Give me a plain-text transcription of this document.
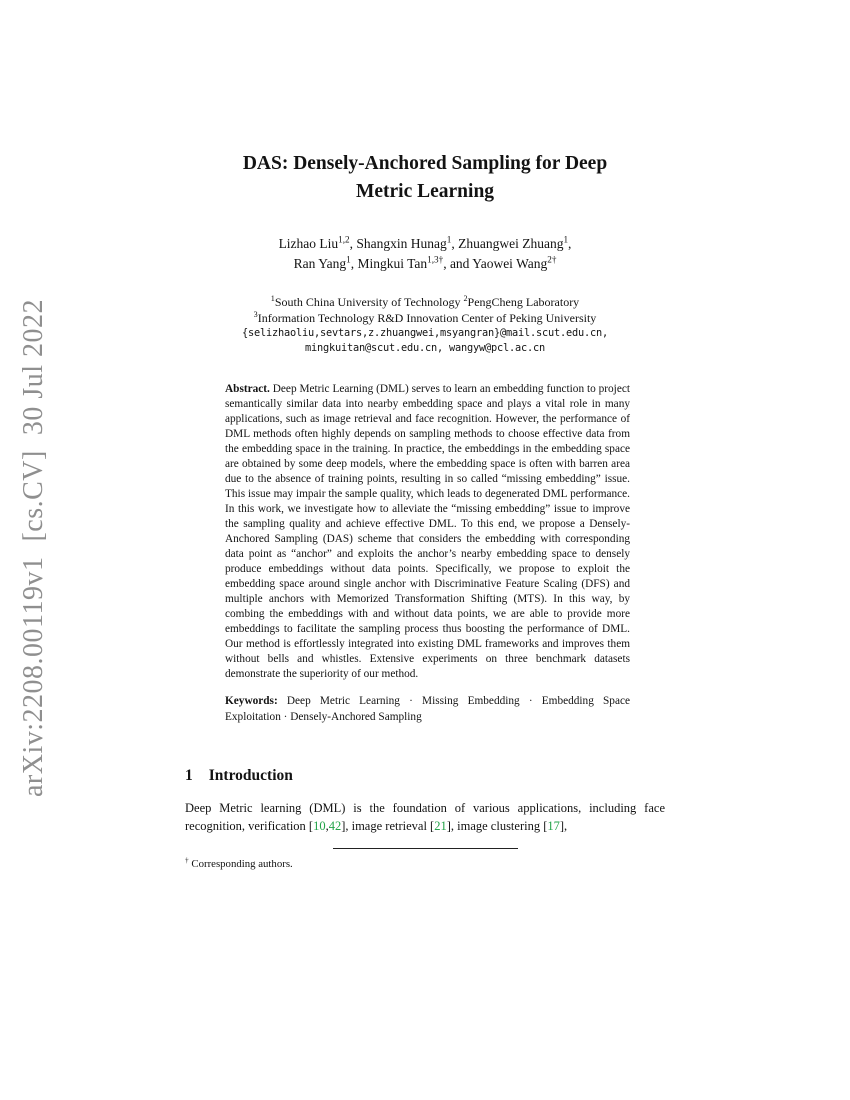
arXiv:2208.00119v1  [cs.CV]  30 Jul 2022
DAS: Densely-Anchored Sampling for Deep
Metric Learning
Lizhao Liu$^{1,2}$, Shangxin Hunag$^1$, Zhuangwei Zhuang$^1$,
Ran Yang$^1$, Mingkui Tan$^{1,3\dagger}$, and Yaowei Wang$^{2\dagger}$
$^1$South China University of Technology $^2$PengCheng Laboratory
$^3$Information Technology R&D Innovation Center of Peking University
{selizhaoliu,sevtars,z.zhuangwei,msyangran}@mail.scut.edu.cn,
mingkuitan@scut.edu.cn, wangyw@pcl.ac.cn

Abstract. Deep Metric Learning (DML) serves to learn an embedding function to project semantically similar data into nearby embedding space and plays a vital role in many applications, such as image retrieval and face recognition. However, the performance of DML methods often highly depends on sampling methods to choose effective data from the embedding space in the training. In practice, the embeddings in the embedding space are obtained by some deep models, where the embedding space is often with barren area due to the absence of training points, resulting in so called “missing embedding” issue. This issue may impair the sample quality, which leads to degenerated DML performance. In this work, we investigate how to alleviate the “missing embedding” issue to improve the sampling quality and achieve effective DML. To this end, we propose a Densely-Anchored Sampling (DAS) scheme that considers the embedding with corresponding data point as “anchor” and exploits the anchor’s nearby embedding space to densely produce embeddings without data points. Specifically, we propose to exploit the embedding space around single anchor with Discriminative Feature Scaling (DFS) and multiple anchors with Memorized Transformation Shifting (MTS). In this way, by combing the embeddings with and without data points, we are able to provide more embeddings to facilitate the sampling process thus boosting the performance of DML. Our method is effortlessly integrated into existing DML frameworks and improves them without bells and whistles. Extensive experiments on three benchmark datasets demonstrate the superiority of our method.

Keywords: Deep Metric Learning · Missing Embedding · Embedding Space Exploitation · Densely-Anchored Sampling

1 Introduction

Deep Metric learning (DML) is the foundation of various applications, including face recognition, verification [10,42], image retrieval [21], image clustering [17],

† Corresponding authors.
